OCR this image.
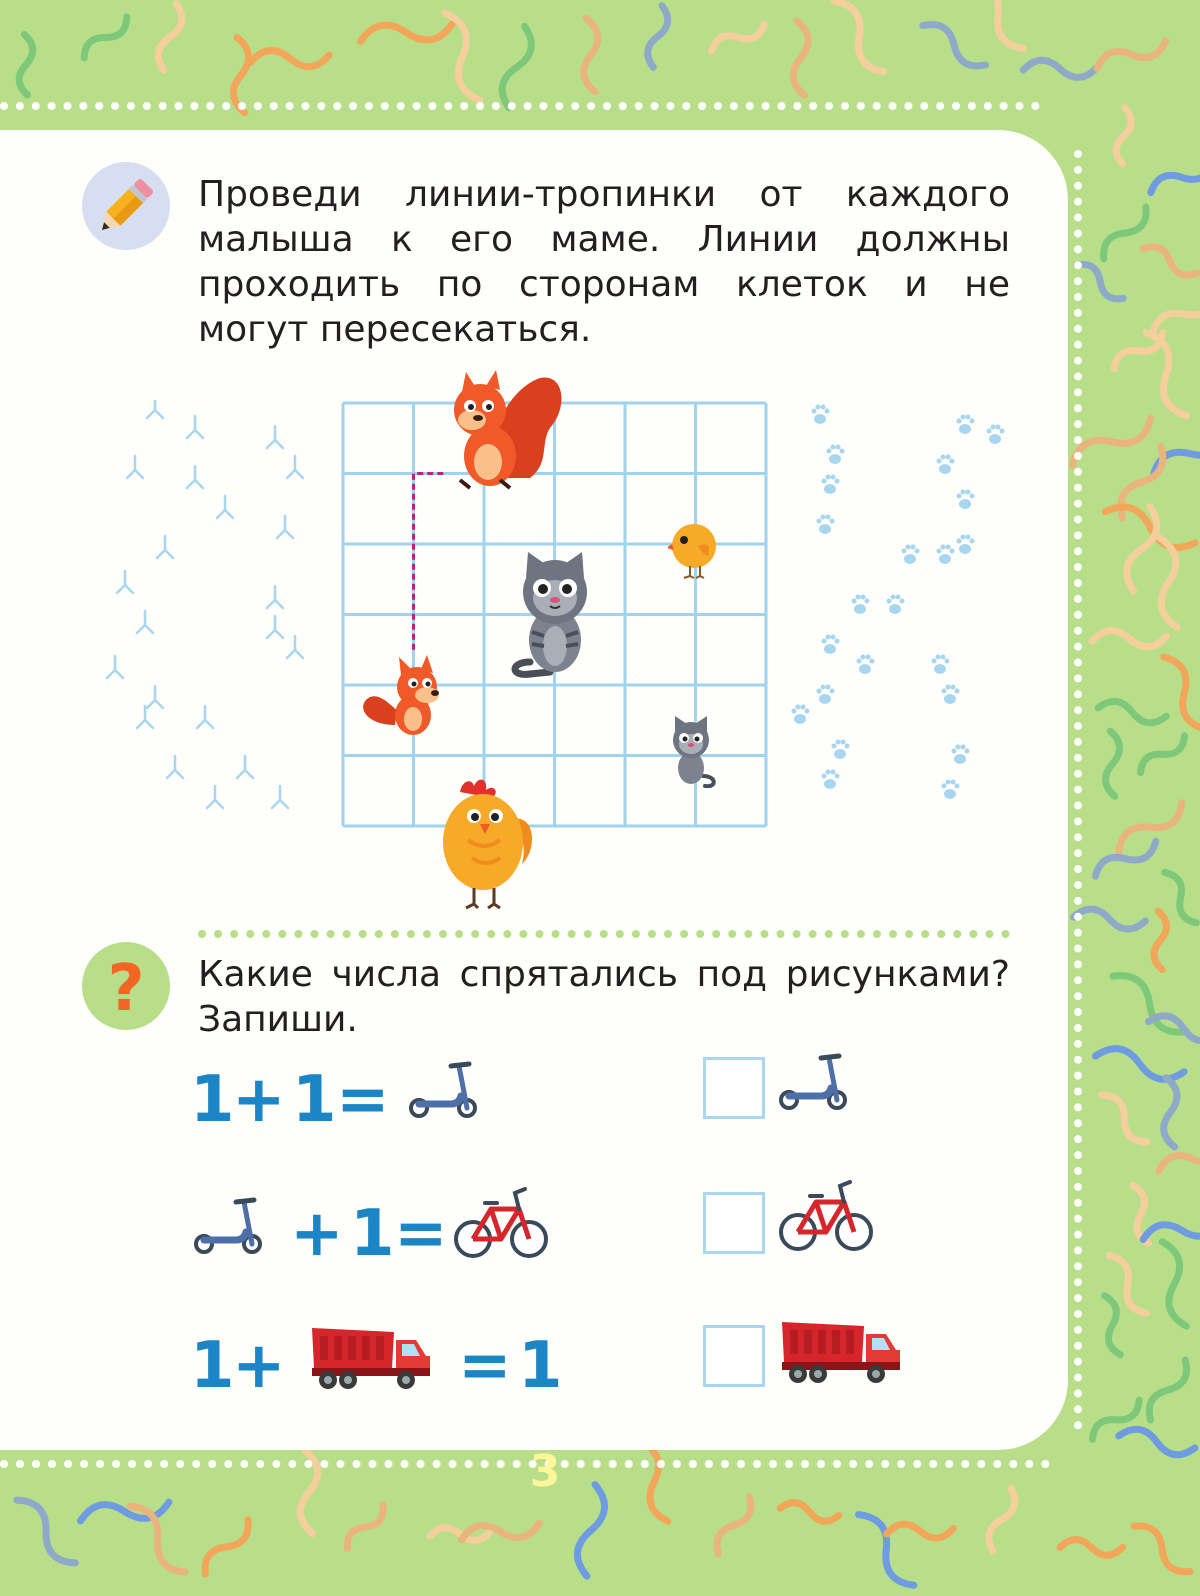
Проведи линии-тропинки от каждого
малыша к его маме. Линии должны
проходить по сторонам клеток и не
могут пересекаться.
? Какие числа спрятались под рисунками?
Запиши.
1
+ 1 =
+ 1 =
1
+	= 1
3
